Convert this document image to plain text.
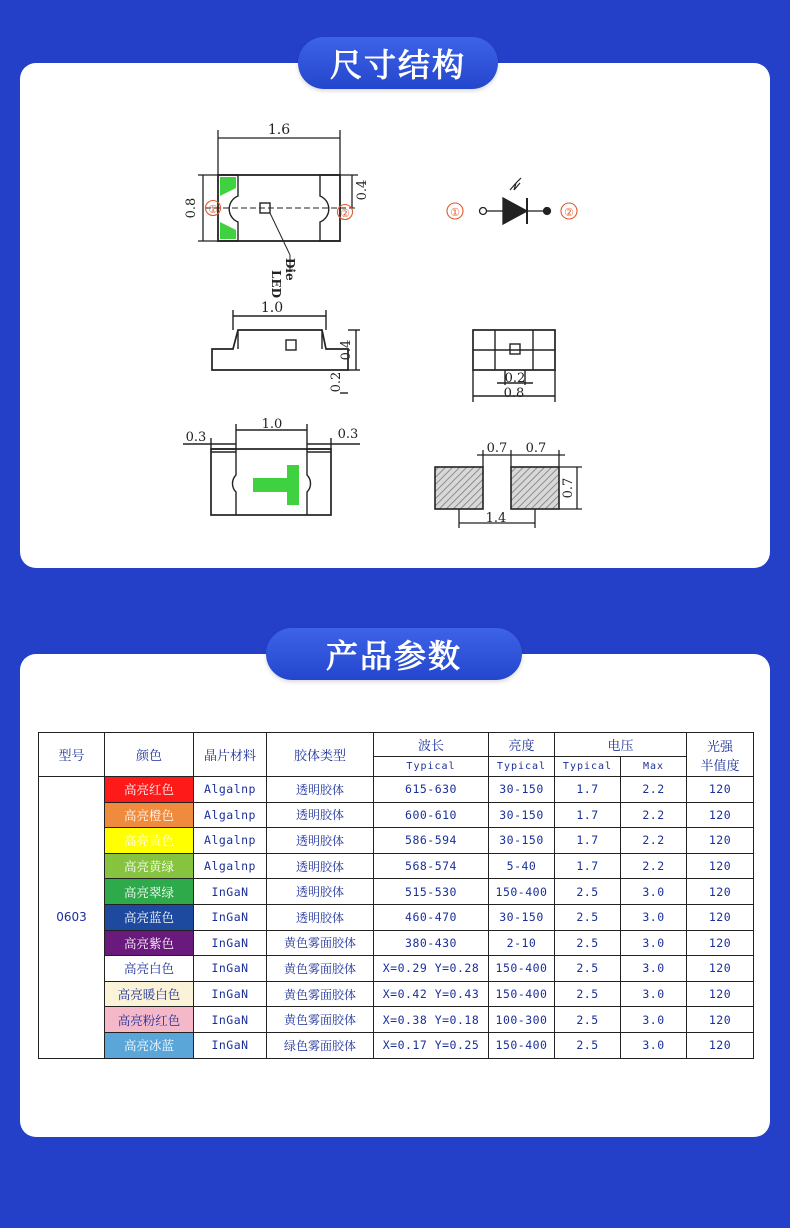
1.6
0.8
0.4
①	②
LED
Die
①	②
1.0
0.4
0.2	0.2
0.8
0.3
1.0
0.3
0.7 0.7
0.7
1.4
尺寸结构
产品参数
型号	颜色	晶片材料	胶体类型	波长	亮度	电压		光强
半值度
				Typical	Typical	Typical	Max	
0603	高亮红色	Algalnp	透明胶体	615-630	30-150	1.7	2.2	120
	高亮橙色	Algalnp	透明胶体	600-610	30-150	1.7	2.2	120
	高亮黄色	Algalnp	透明胶体	586-594	30-150	1.7	2.2	120
	高亮黄绿	Algalnp	透明胶体	568-574	5-40	1.7	2.2	120
	高亮翠绿	InGaN	透明胶体	515-530	150-400	2.5	3.0	120
	高亮蓝色	InGaN	透明胶体	460-470	30-150	2.5	3.0	120
	高亮紫色	InGaN	黄色雾面胶体	380-430	2-10	2.5	3.0	120
	高亮白色	InGaN	黄色雾面胶体	X=0.29 Y=0.28	150-400	2.5	3.0	120
	高亮暖白色	InGaN	黄色雾面胶体	X=0.42 Y=0.43	150-400	2.5	3.0	120
	高亮粉红色	InGaN	黄色雾面胶体	X=0.38 Y=0.18	100-300	2.5	3.0	120
	高亮冰蓝	InGaN	绿色雾面胶体	X=0.17 Y=0.25	150-400	2.5	3.0	120
